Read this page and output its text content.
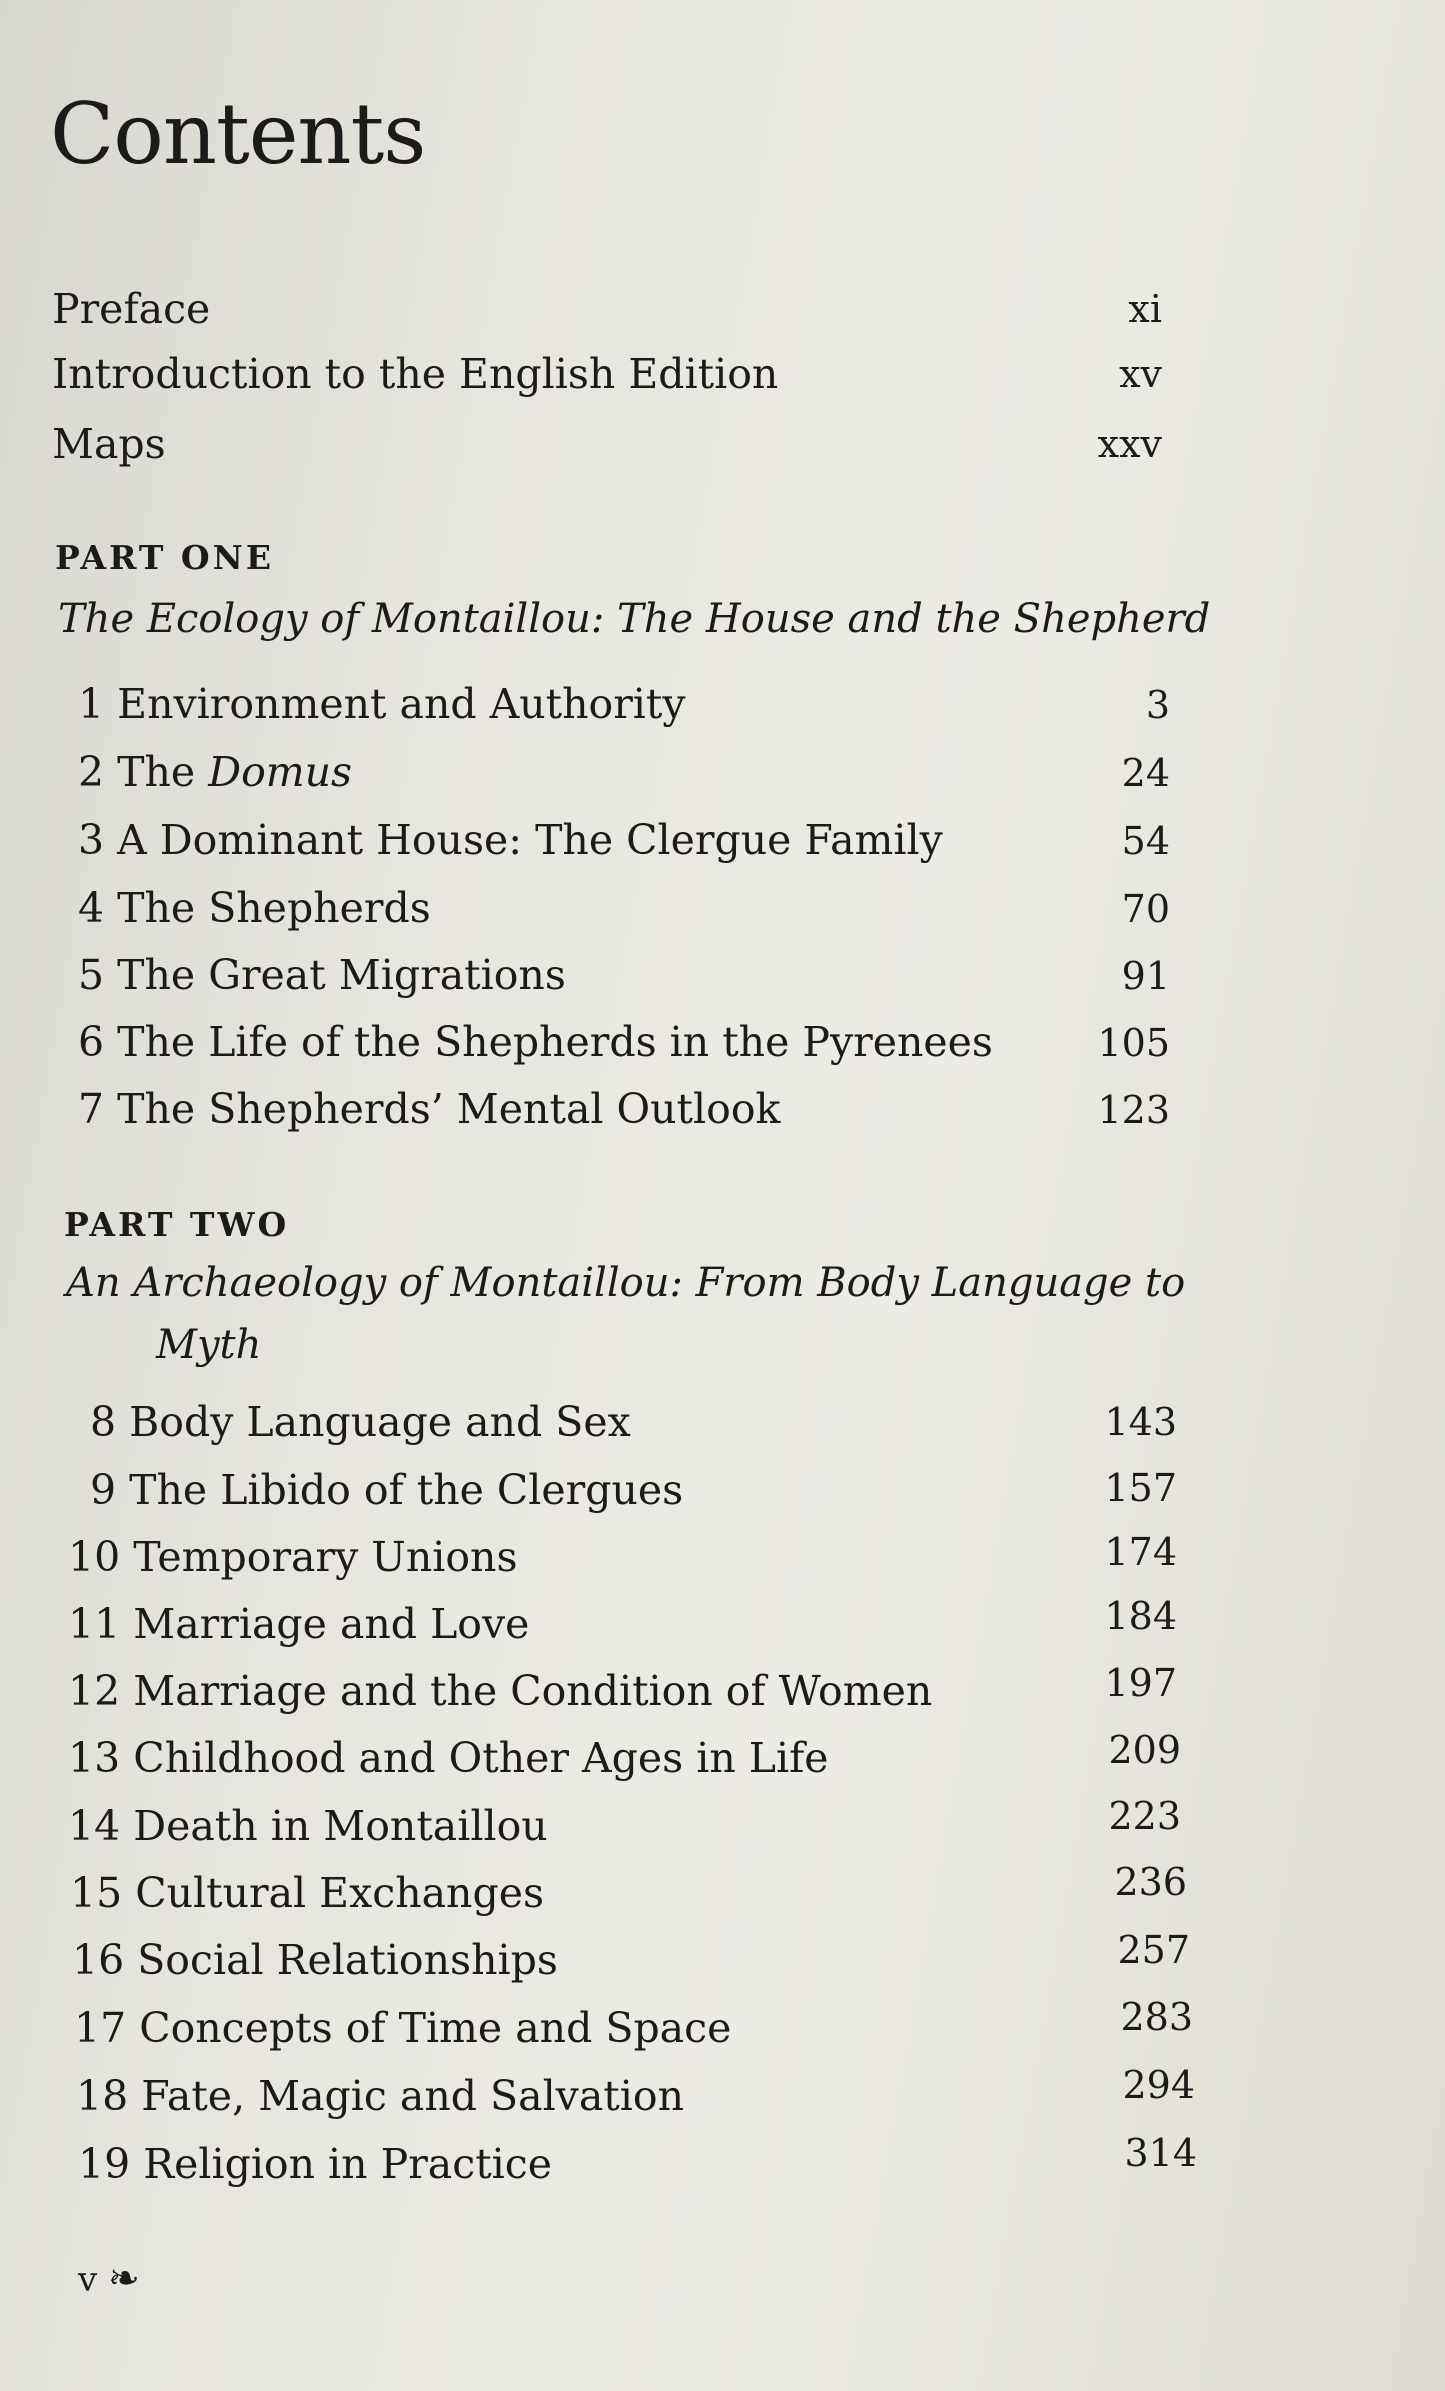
Contents
Preface	xi
Introduction to the English Edition	xv
Maps	xxv
PART ONE
The Ecology of Montaillou: The House and the Shepherd
1 Environment and Authority	3
2 The Domus	24
3 A Dominant House: The Clergue Family	54
4 The Shepherds	70
5 The Great Migrations	91
6 The Life of the Shepherds in the Pyrenees	105
7 The Shepherds’ Mental Outlook	123
PART TWO
An Archaeology of Montaillou: From Body Language to
Myth
8 Body Language and Sex	143
9 The Libido of the Clergues	157
10 Temporary Unions	174
11 Marriage and Love	184
12 Marriage and the Condition of Women	197
13 Childhood and Other Ages in Life	209
14 Death in Montaillou	223
15 Cultural Exchanges	236
16 Social Relationships	257
17 Concepts of Time and Space	283
18 Fate, Magic and Salvation	294
19 Religion in Practice	314
v ❧
